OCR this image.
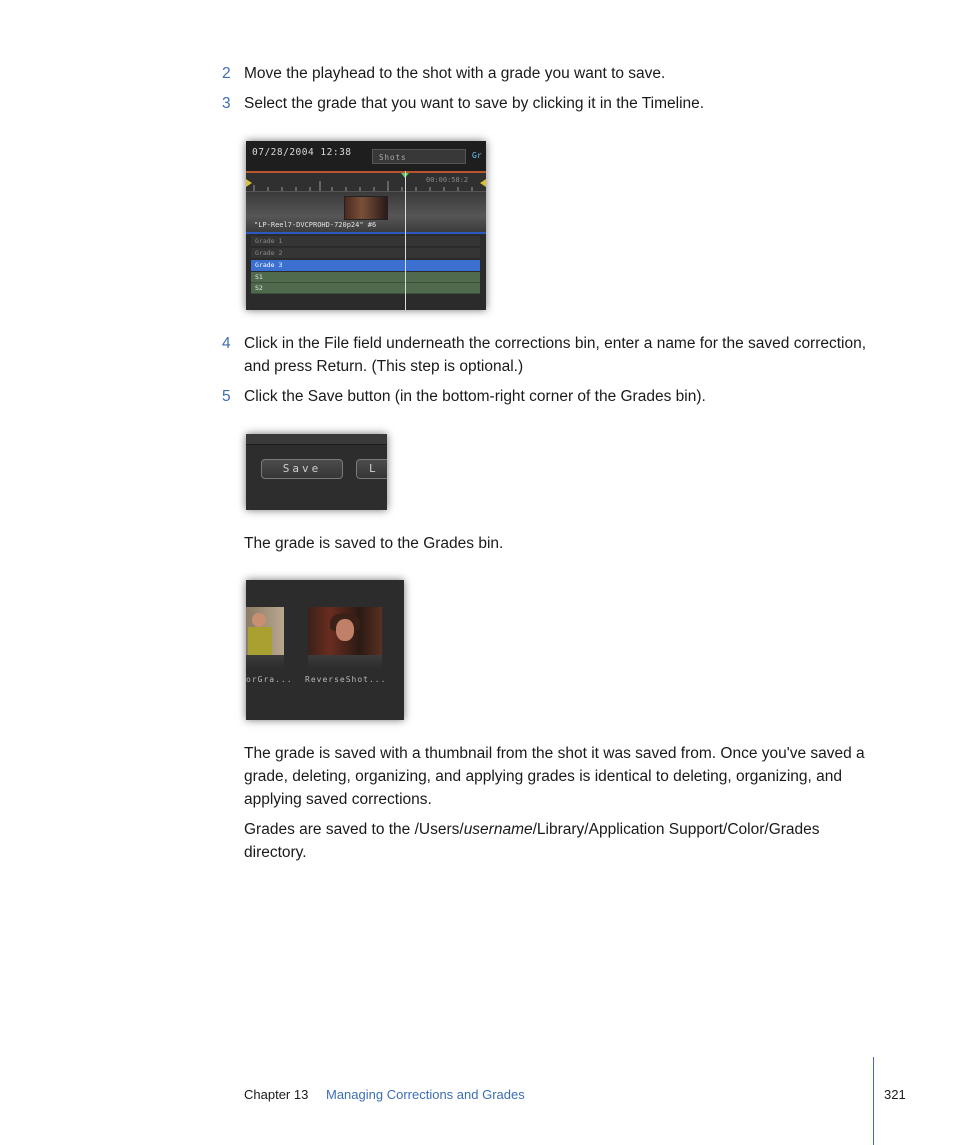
2 Move the playhead to the shot with a grade you want to save.
3 Select the grade that you want to save by clicking it in the Timeline.
07/28/2004 12:38	Shots	Gr
00:00:58:2
"LP-Reel7-DVCPROHD-720p24" #6
Grade 1
Grade 2
Grade 3
S1
S2
4 Click in the File field underneath the corrections bin, enter a name for the saved correction, and press Return. (This step is optional.)
5 Click the Save button (in the bottom-right corner of the Grades bin).
Save	L
The grade is saved to the Grades bin.
orGra... ReverseShot...
The grade is saved with a thumbnail from the shot it was saved from. Once you've saved a grade, deleting, organizing, and applying grades is identical to deleting, organizing, and applying saved corrections.
Grades are saved to the /Users/username/Library/Application Support/Color/Grades directory.
Chapter 13 Managing Corrections and Grades	321
